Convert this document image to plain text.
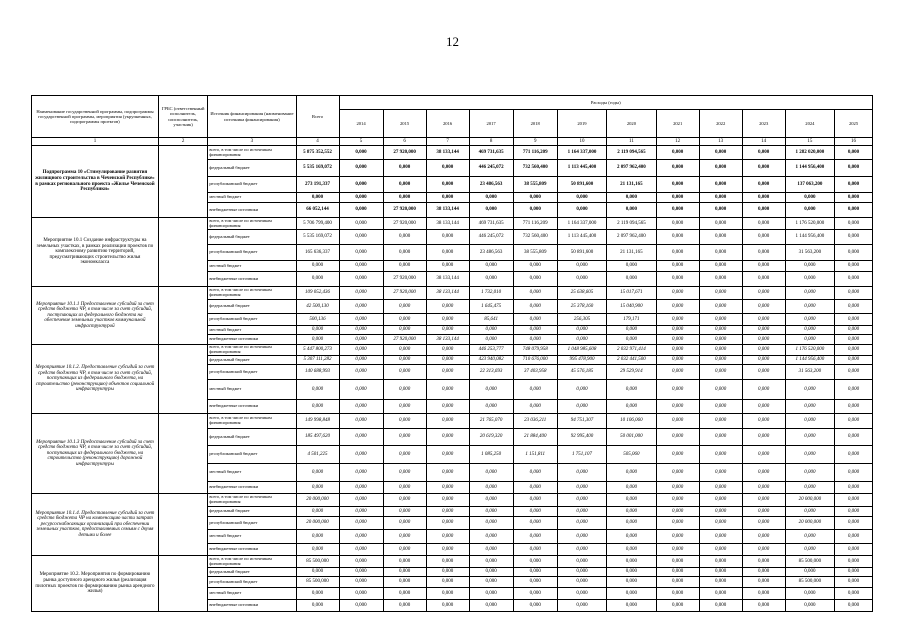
12
Наименование государственной программы, подпрограммы государственной программы, мероприятия (укрупненных, подпрограммы проектов)	ГРБС (ответственный исполнитель, соисполнитель, участник)	Источник финансирования (наименование источника финансирования)	Всего	Расходы (годы)											
				2014	2015	2016	2017	2018	2019	2020	2021	2022	2023	2024	2025
1	2	3	4	5	6	7	8	9	10	11	12	13	14	15	16
Подпрограмма 10 «Стимулирование развития жилищного строительства в Чеченской Республике» в рамках регионального проекта «Жилье Чеченской Республики»		всего, в том числе по источникам финансирования	5 875 352,552	0,000	27 920,000	38 133,144	469 731,635	771 116,209	1 164 337,000	2 119 094,565	0,000	0,000	0,000	1 282 020,000	0,000
		федеральный бюджет	5 535 169,072	0,000	0,000	0,000	446 245,072	732 560,400	1 113 445,400	2 097 962,400	0,000	0,000	0,000	1 144 956,400	0,000
		республиканский бюджет	273 191,337	0,000	0,000	0,000	23 486,563	38 555,809	50 891,600	21 131,165	0,000	0,000	0,000	137 063,200	0,000
		местный бюджет	0,000	0,000	0,000	0,000	0,000	0,000	0,000	0,000	0,000	0,000	0,000	0,000	0,000
		внебюджетные источники	66 052,144	0,000	27 920,000	38 133,144	0,000	0,000	0,000	0,000	0,000	0,000	0,000	0,000	0,000
Мероприятие 10.1 Создание инфраструктуры на земельных участках, в рамках реализации проектов по комплексному развитию территорий, предусматривающих строительство жилья экономкласса		всего, в том числе по источникам финансирования	5 706 799,400	0,000	27 920,000	38 133,144	469 731,635	771 116,209	1 164 337,000	2 119 094,565	0,000	0,000	0,000	1 176 520,000	0,000
		федеральный бюджет	5 535 169,072	0,000	0,000	0,000	446 245,072	732 560,400	1 113 445,400	2 097 962,400	0,000	0,000	0,000	1 144 956,400	0,000
		республиканский бюджет	165 636,337	0,000	0,000	0,000	23 486,563	38 555,809	50 891,600	21 131,165	0,000	0,000	0,000	31 563,200	0,000
		местный бюджет	0,000	0,000	0,000	0,000	0,000	0,000	0,000	0,000	0,000	0,000	0,000	0,000	0,000
		внебюджетные источники	0,000	0,000	27 920,000	38 133,144	0,000	0,000	0,000	0,000	0,000	0,000	0,000	0,000	0,000
Мероприятие 10.1.1 Предоставление субсидий за счет средств бюджета ЧР, в том числе за счет субсидий, поступающих из федерального бюджета на обеспечение земельных участков коммунальной инфраструктурой		всего, в том числе по источникам финансирования	109 052,436	0,000	27 920,000	38 133,144	1 732,010	0,000	25 638,605	15 017,671	0,000	0,000	0,000	0,000	0,000
		федеральный бюджет	42 500,130	0,000	0,000	0,000	1 645,475	0,000	25 378,160	15 040,900	0,000	0,000	0,000	0,000	0,000
		республиканский бюджет	500,136	0,000	0,000	0,000	85,641	0,000	256,305	179,171	0,000	0,000	0,000	0,000	0,000
		местный бюджет	0,000	0,000	0,000	0,000	0,000	0,000	0,000	0,000	0,000	0,000	0,000	0,000	0,000
		внебюджетные источники	0,000	0,000	27 920,000	38 133,144	0,000	0,000	0,000	0,000	0,000	0,000	0,000	0,000	0,000
Мероприятие 10.1.2. Предоставление субсидий за счет средств бюджета ЧР, в том числе за счет субсидий, поступающих из федерального бюджета, на строительство (реконструкцию) объектов социальной инфраструктуры		всего, в том числе по источникам финансирования	5 447 800,273	0,000	0,000	0,000	446 253,777	748 079,958	1 048 985,608	2 032 971,414	0,000	0,000	0,000	1 176 520,000	0,000
		федеральный бюджет	5 307 111,282	0,000	0,000	0,000	423 940,082	710 676,000	995 478,900	2 032 441,500	0,000	0,000	0,000	1 144 956,400	0,000
		республиканский бюджет	140 688,993	0,000	0,000	0,000	22 313,693	37 403,958	45 576,185	29 529,914	0,000	0,000	0,000	31 563,200	0,000
		местный бюджет	0,000	0,000	0,000	0,000	0,000	0,000	0,000	0,000	0,000	0,000	0,000	0,000	0,000
		внебюджетные источники	0,000	0,000	0,000	0,000	0,000	0,000	0,000	0,000	0,000	0,000	0,000	0,000	0,000
Мероприятие 10.1.3 Предоставление субсидий за счет средств бюджета ЧР, в том числе за счет субсидий, поступающих из федерального бюджета, на строительство (реконструкцию) дорожной инфраструктуры		всего, в том числе по источникам финансирования	149 998,848	0,000	0,000	0,000	21 765,070	23 036,211	94 751,307	10 106,060	0,000	0,000	0,000	0,000	0,000
		федеральный бюджет	185 497,620	0,000	0,000	0,000	20 619,320	21 884,400	92 995,400	50 001,000	0,000	0,000	0,000	0,000	0,000
		республиканский бюджет	4 501,225	0,000	0,000	0,000	1 085,250	1 151,811	1 751,107	505,060	0,000	0,000	0,000	0,000	0,000
		местный бюджет	0,000	0,000	0,000	0,000	0,000	0,000	0,000	0,000	0,000	0,000	0,000	0,000	0,000
		внебюджетные источники	0,000	0,000	0,000	0,000	0,000	0,000	0,000	0,000	0,000	0,000	0,000	0,000	0,000
Мероприятие 10.1.4. Предоставление субсидий за счет средств бюджета ЧР на компенсацию части затрат ресурсоснабжающих организаций при обеспечении земельных участков, предоставляемых семьям с двумя детьми и более		всего, в том числе по источникам финансирования	20 000,000	0,000	0,000	0,000	0,000	0,000	0,000	0,000	0,000	0,000	0,000	20 000,000	0,000
		федеральный бюджет	0,000	0,000	0,000	0,000	0,000	0,000	0,000	0,000	0,000	0,000	0,000	0,000	0,000
		республиканский бюджет	20 000,000	0,000	0,000	0,000	0,000	0,000	0,000	0,000	0,000	0,000	0,000	20 000,000	0,000
		местный бюджет	0,000	0,000	0,000	0,000	0,000	0,000	0,000	0,000	0,000	0,000	0,000	0,000	0,000
		внебюджетные источники	0,000	0,000	0,000	0,000	0,000	0,000	0,000	0,000	0,000	0,000	0,000	0,000	0,000
Мероприятие 10.2. Мероприятия по формированию рынка доступного арендного жилья (реализация пилотных проектов по формированию рынка арендного жилья)		всего, в том числе по источникам финансирования	85 500,000	0,000	0,000	0,000	0,000	0,000	0,000	0,000	0,000	0,000	0,000	85 500,000	0,000
		федеральный бюджет	0,000	0,000	0,000	0,000	0,000	0,000	0,000	0,000	0,000	0,000	0,000	0,000	0,000
		республиканский бюджет	85 500,000	0,000	0,000	0,000	0,000	0,000	0,000	0,000	0,000	0,000	0,000	85 500,000	0,000
		местный бюджет	0,000	0,000	0,000	0,000	0,000	0,000	0,000	0,000	0,000	0,000	0,000	0,000	0,000
		внебюджетные источники	0,000	0,000	0,000	0,000	0,000	0,000	0,000	0,000	0,000	0,000	0,000	0,000	0,000
